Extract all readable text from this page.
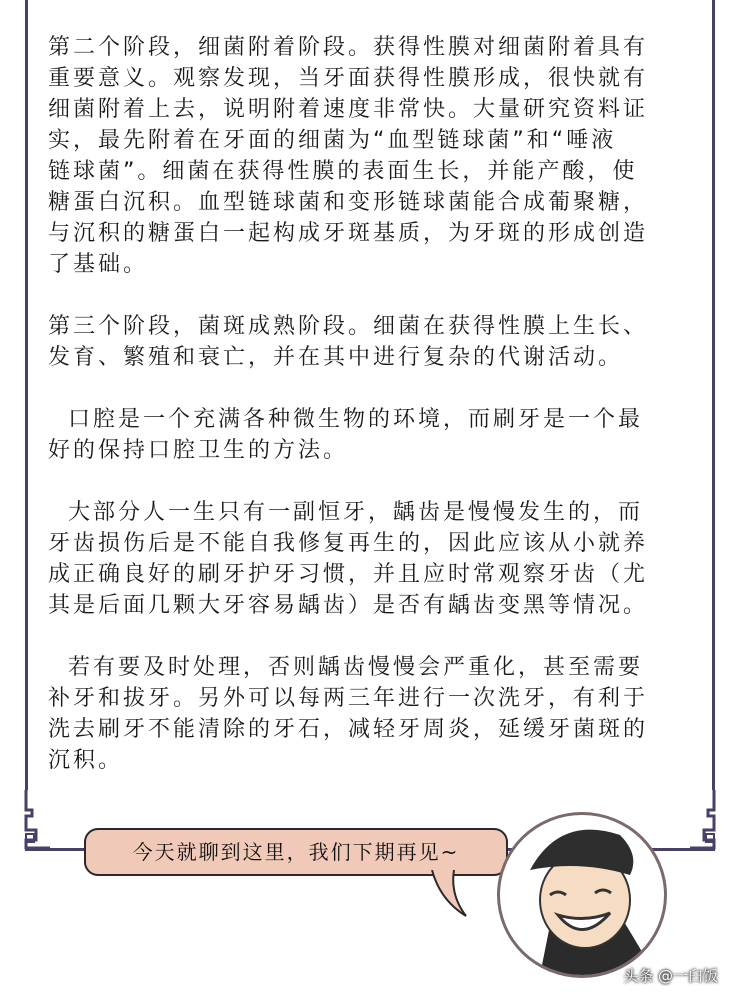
第二个阶段，细菌附着阶段。获得性膜对细菌附着具有
重要意义。观察发现，当牙面获得性膜形成，很快就有
细菌附着上去，说明附着速度非常快。大量研究资料证
实，最先附着在牙面的细菌为“血型链球菌”和“唾液
链球菌”。细菌在获得性膜的表面生长，并能产酸，使
糖蛋白沉积。血型链球菌和变形链球菌能合成葡聚糖，
与沉积的糖蛋白一起构成牙斑基质，为牙斑的形成创造
了基础。
第三个阶段，菌斑成熟阶段。细菌在获得性膜上生长、
发育、繁殖和衰亡，并在其中进行复杂的代谢活动。
口腔是一个充满各种微生物的环境，而刷牙是一个最
好的保持口腔卫生的方法。
大部分人一生只有一副恒牙，龋齿是慢慢发生的，而
牙齿损伤后是不能自我修复再生的，因此应该从小就养
成正确良好的刷牙护牙习惯，并且应时常观察牙齿（尤
其是后面几颗大牙容易龋齿）是否有龋齿变黑等情况。
若有要及时处理，否则龋齿慢慢会严重化，甚至需要
补牙和拔牙。另外可以每两三年进行一次洗牙，有利于
洗去刷牙不能清除的牙石，减轻牙周炎，延缓牙菌斑的
沉积。
今天就聊到这里，我们下期再见~
头条 @一臼饭
